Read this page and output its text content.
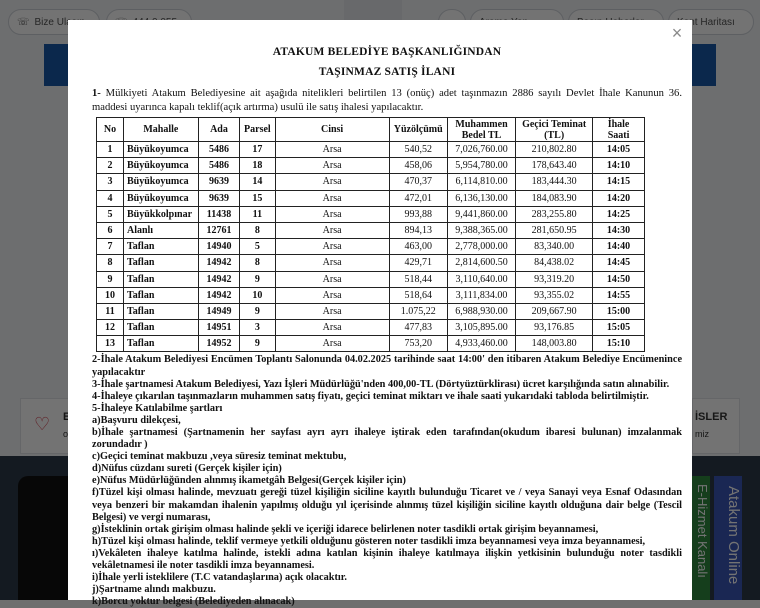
×
ATAKUM BELEDİYE BAŞKANLIĞINDAN
TAŞINMAZ SATIŞ İLANI
1- Mülkiyeti Atakum Belediyesine ait aşağıda nitelikleri belirtilen 13 (onüç) adet taşınmazın 2886 sayılı Devlet İhale Kanunun 36. maddesi uyarınca kapalı teklif(açık artırma) usulü ile satış ihalesi yapılacaktır.
No	Mahalle	Ada	Parsel	Cinsi	Yüzölçümü	Muhammen Bedel TL	Geçici Teminat (TL)	İhale Saati
1	Büyükoyumca	5486	17	Arsa	540,52	7,026,760.00	210,802.80	14:05
2	Büyükoyumca	5486	18	Arsa	458,06	5,954,780.00	178,643.40	14:10
3	Büyükoyumca	9639	14	Arsa	470,37	6,114,810.00	183,444.30	14:15
4	Büyükoyumca	9639	15	Arsa	472,01	6,136,130.00	184,083.90	14:20
5	Büyükkolpınar	11438	11	Arsa	993,88	9,441,860.00	283,255.80	14:25
6	Alanlı	12761	8	Arsa	894,13	9,388,365.00	281,650.95	14:30
7	Taflan	14940	5	Arsa	463,00	2,778,000.00	83,340.00	14:40
8	Taflan	14942	8	Arsa	429,71	2,814,600.50	84,438.02	14:45
9	Taflan	14942	9	Arsa	518,44	3,110,640.00	93,319.20	14:50
10	Taflan	14942	10	Arsa	518,64	3,111,834.00	93,355.02	14:55
11	Taflan	14949	9	Arsa	1.075,22	6,988,930.00	209,667.90	15:00
12	Taflan	14951	3	Arsa	477,83	3,105,895.00	93,176.85	15:05
13	Taflan	14952	9	Arsa	753,20	4,933,460.00	148,003.80	15:10

2-İhale Atakum Belediyesi Encümen Toplantı Salonunda 04.02.2025 tarihinde saat 14:00' den itibaren Atakum Belediye Encümenince yapılacaktır

3-İhale şartnamesi Atakum Belediyesi, Yazı İşleri Müdürlüğü'nden 400,00-TL (Dörtyüztürklirası) ücret karşılığında satın alınabilir.

4-İhaleye çıkarılan taşınmazların muhammen satış fiyatı, geçici teminat miktarı ve ihale saati yukarıdaki tabloda belirtilmiştir.

5-İhaleye Katılabilme şartları

a)Başvuru dilekçesi,

b)İhale şartnamesi (Şartnamenin her sayfası ayrı ayrı ihaleye iştirak eden tarafından(okudum ibaresi bulunan) imzalanmak zorundadır )

c)Geçici teminat makbuzu ,veya süresiz teminat mektubu,

d)Nüfus cüzdanı sureti (Gerçek kişiler için)

e)Nüfus Müdürlüğünden alınmış ikametgâh Belgesi(Gerçek kişiler için)

f)Tüzel kişi olması halinde, mevzuatı gereği tüzel kişiliğin siciline kayıtlı bulunduğu Ticaret ve / veya Sanayi veya Esnaf Odasından veya benzeri bir makamdan ihalenin yapılmış olduğu yıl içerisinde alınmış tüzel kişiliğin siciline kayıtlı olduğuna dair belge (Tescil Belgesi) ve vergi numarası,

g)İsteklinin ortak girişim olması halinde şekli ve içeriği idarece belirlenen noter tasdikli ortak girişim beyannamesi,

h)Tüzel kişi olması halinde, teklif vermeye yetkili olduğunu gösteren noter tasdikli imza beyannamesi veya imza beyannamesi,

ı)Vekâleten ihaleye katılma halinde, istekli adına katılan kişinin ihaleye katılmaya ilişkin yetkisinin bulunduğu noter tasdikli vekâletnamesi ile noter tasdikli imza beyannamesi.

i)İhale yerli isteklilere (T.C vatandaşlarına) açık olacaktır.

j)Şartname alındı makbuzu.

k)Borcu yoktur belgesi (Belediyeden alınacak)
